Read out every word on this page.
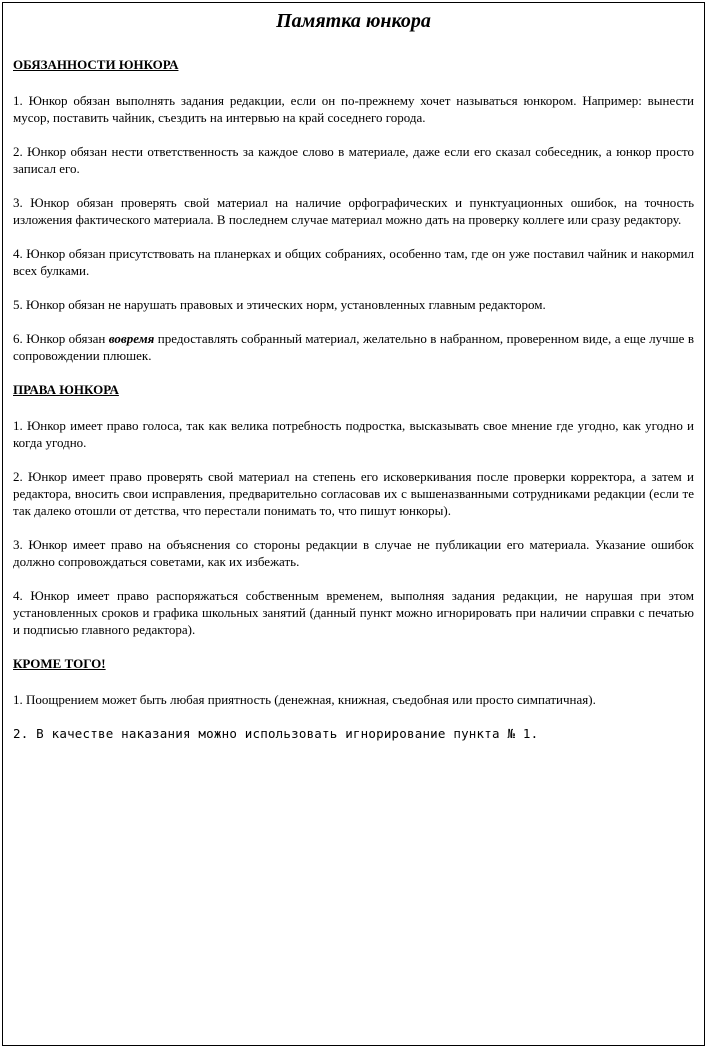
Памятка юнкора
ОБЯЗАННОСТИ ЮНКОРА
1. Юнкор обязан выполнять задания редакции, если он по-прежнему хочет называться юнкором. Например: вынести мусор, поставить чайник, съездить на интервью на край соседнего города.
2. Юнкор обязан нести ответственность за каждое слово в материале, даже если его сказал собеседник, а юнкор просто записал его.
3. Юнкор обязан проверять свой материал на наличие орфографических и пунктуационных ошибок, на точность изложения фактического материала. В последнем случае материал можно дать на проверку коллеге или сразу редактору.
4. Юнкор обязан присутствовать на планерках и общих собраниях, особенно там, где он уже поставил чайник и накормил всех булками.
5. Юнкор обязан не нарушать правовых и этических норм, установленных главным редактором.
6. Юнкор обязан вовремя предоставлять собранный материал, желательно в набранном, проверенном виде, а еще лучше в сопровождении плюшек.
ПРАВА ЮНКОРА
1. Юнкор имеет право голоса, так как велика потребность подростка, высказывать свое мнение где угодно, как угодно и когда угодно.
2. Юнкор имеет право проверять свой материал на степень его исковеркивания после проверки корректора, а затем и редактора, вносить свои исправления, предварительно согласовав их с вышеназванными сотрудниками редакции (если те так далеко отошли от детства, что перестали понимать то, что пишут юнкоры).
3. Юнкор имеет право на объяснения со стороны редакции в случае не публикации его материала. Указание ошибок должно сопровождаться советами, как их избежать.
4. Юнкор имеет право распоряжаться собственным временем, выполняя задания редакции, не нарушая при этом установленных сроков и графика школьных занятий (данный пункт можно игнорировать при наличии справки с печатью и подписью главного редактора).
КРОМЕ ТОГО!
1. Поощрением может быть любая приятность (денежная, книжная, съедобная или просто симпатичная).
2. В качестве наказания можно использовать игнорирование пункта № 1.
